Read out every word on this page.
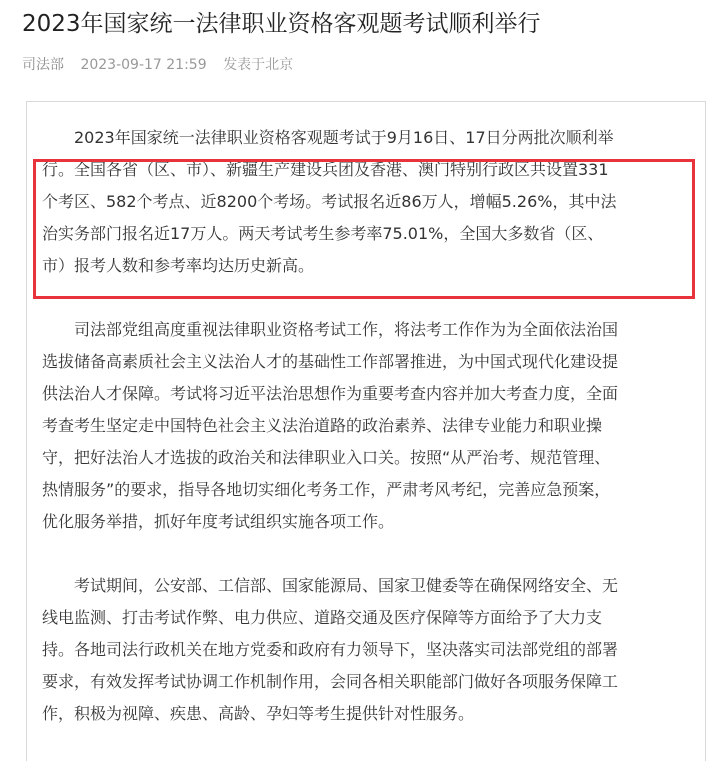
2023年国家统一法律职业资格客观题考试顺利举行
司法部 2023-09-17 21:59 发表于北京
2023年国家统一法律职业资格客观题考试于9月16日、17日分两批次顺利举
行。全国各省（区、市）、新疆生产建设兵团及香港、澳门特别行政区共设置331
个考区、582个考点、近8200个考场。考试报名近86万人，增幅5.26%，其中法
治实务部门报名近17万人。两天考试考生参考率75.01%，全国大多数省（区、
市）报考人数和参考率均达历史新高。
司法部党组高度重视法律职业资格考试工作，将法考工作作为为全面依法治国
选拔储备高素质社会主义法治人才的基础性工作部署推进，为中国式现代化建设提
供法治人才保障。考试将习近平法治思想作为重要考查内容并加大考查力度，全面
考查考生坚定走中国特色社会主义法治道路的政治素养、法律专业能力和职业操
守，把好法治人才选拔的政治关和法律职业入口关。按照“从严治考、规范管理、
热情服务”的要求，指导各地切实细化考务工作，严肃考风考纪，完善应急预案，
优化服务举措，抓好年度考试组织实施各项工作。
考试期间，公安部、工信部、国家能源局、国家卫健委等在确保网络安全、无
线电监测、打击考试作弊、电力供应、道路交通及医疗保障等方面给予了大力支
持。各地司法行政机关在地方党委和政府有力领导下，坚决落实司法部党组的部署
要求，有效发挥考试协调工作机制作用，会同各相关职能部门做好各项服务保障工
作，积极为视障、疾患、高龄、孕妇等考生提供针对性服务。
